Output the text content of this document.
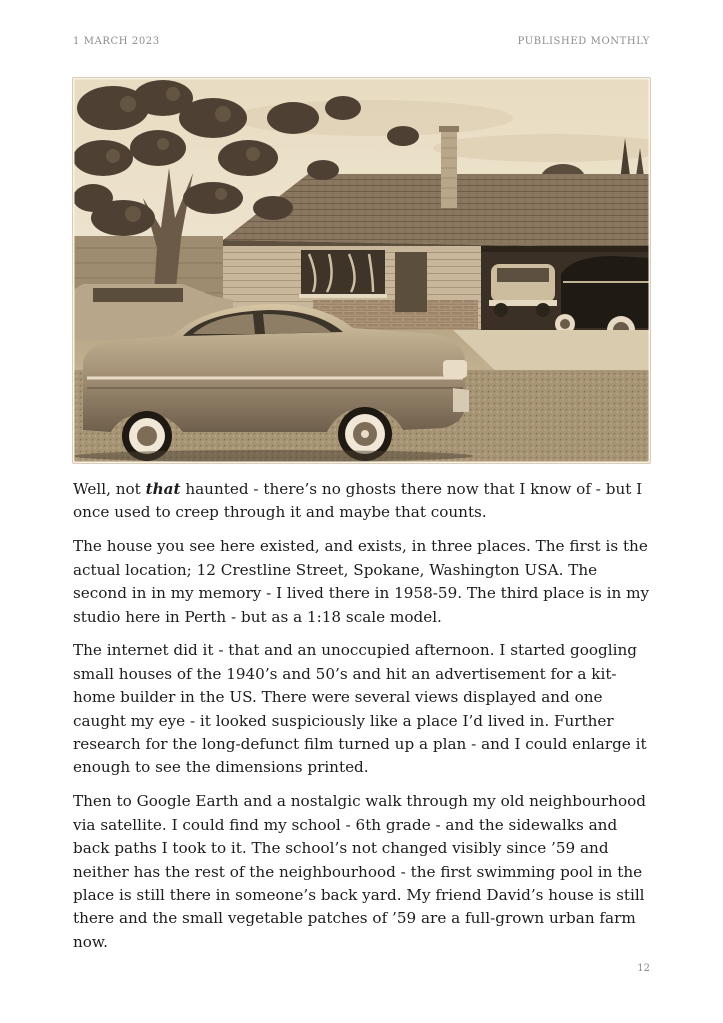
1 MARCH 2023	PUBLISHED MONTHLY

Well, not that haunted - there’s no ghosts there now that I know of - but I once used to creep through it and maybe that counts.

The house you see here existed, and exists, in three places. The first is the actual location; 12 Crestline Street, Spokane, Washington USA. The second in in my memory - I lived there in 1958-59. The third place is in my studio here in Perth - but as a 1:18 scale model.

The internet did it - that and an unoccupied afternoon. I started googling small houses of the 1940’s and 50’s and hit an advertisement for a kit-home builder in the US. There were several views displayed and one caught my eye - it looked suspiciously like a place I’d lived in. Further research for the long-defunct film turned up a plan - and I could enlarge it enough to see the dimensions printed.

Then to Google Earth and a nostalgic walk through my old neighbourhood via satellite. I could find my school - 6th grade - and the sidewalks and back paths I took to it. The school’s not changed visibly since ’59 and neither has the rest of the neighbourhood - the first swimming pool in the place is still there in someone’s back yard. My friend David’s house is still there and the small vegetable patches of ’59 are a full-grown urban farm now.

12
